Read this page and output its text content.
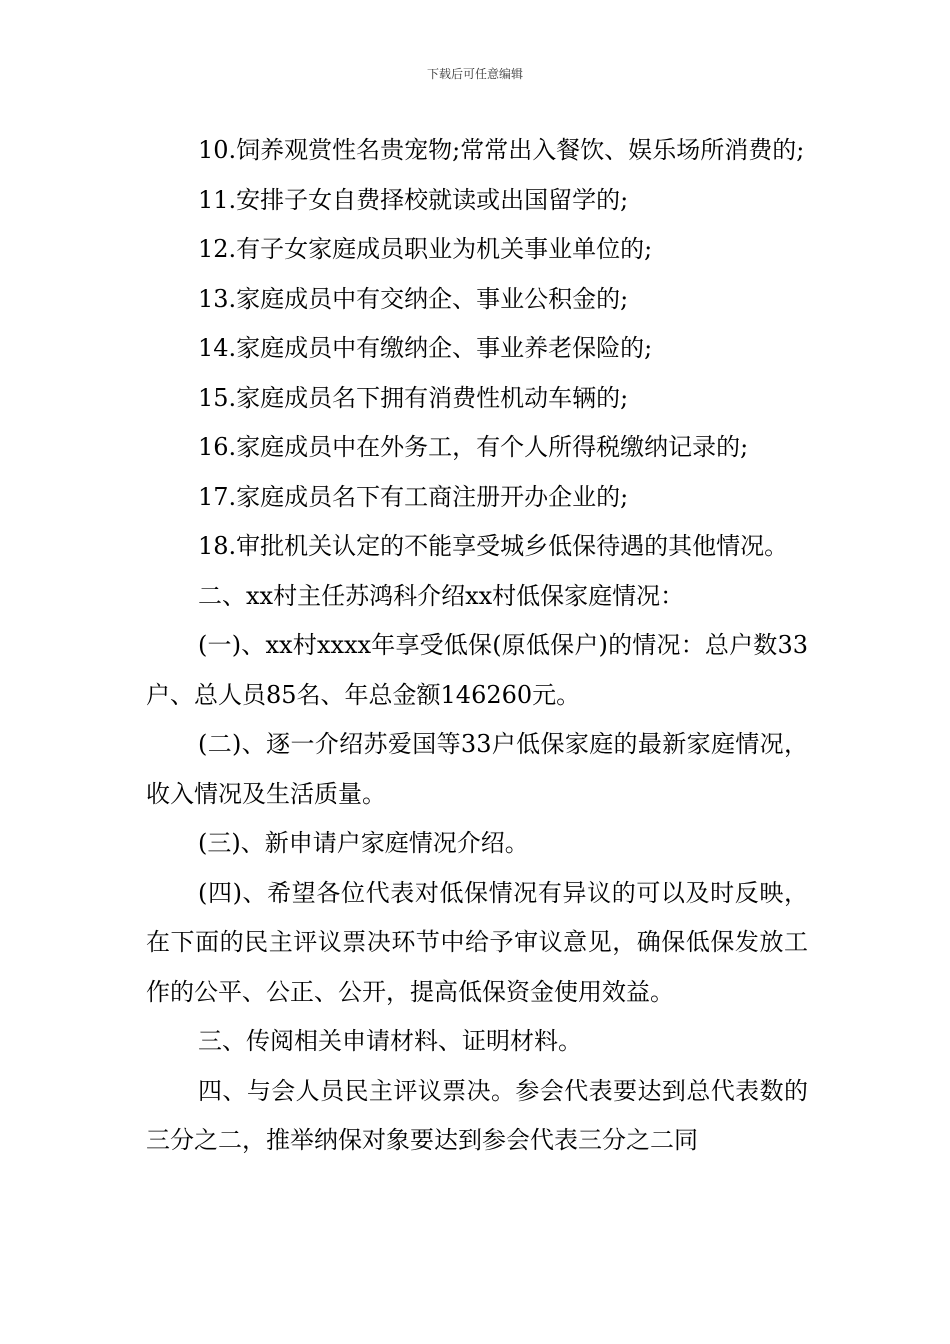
下载后可任意编辑

10.饲养观赏性名贵宠物;常常出入餐饮、娱乐场所消费的;

11.安排子女自费择校就读或出国留学的;

12.有子女家庭成员职业为机关事业单位的;

13.家庭成员中有交纳企、事业公积金的;

14.家庭成员中有缴纳企、事业养老保险的;

15.家庭成员名下拥有消费性机动车辆的;

16.家庭成员中在外务工，有个人所得税缴纳记录的;

17.家庭成员名下有工商注册开办企业的;

18.审批机关认定的不能享受城乡低保待遇的其他情况。

二、xx村主任苏鸿科介绍xx村低保家庭情况：

(一)、xx村xxxx年享受低保(原低保户)的情况：总户数33户、总人员85名、年总金额146260元。

(二)、逐一介绍苏爱国等33户低保家庭的最新家庭情况，收入情况及生活质量。

(三)、新申请户家庭情况介绍。

(四)、希望各位代表对低保情况有异议的可以及时反映，在下面的民主评议票决环节中给予审议意见，确保低保发放工作的公平、公正、公开，提高低保资金使用效益。

三、传阅相关申请材料、证明材料。

四、与会人员民主评议票决。参会代表要达到总代表数的三分之二，推举纳保对象要达到参会代表三分之二同
